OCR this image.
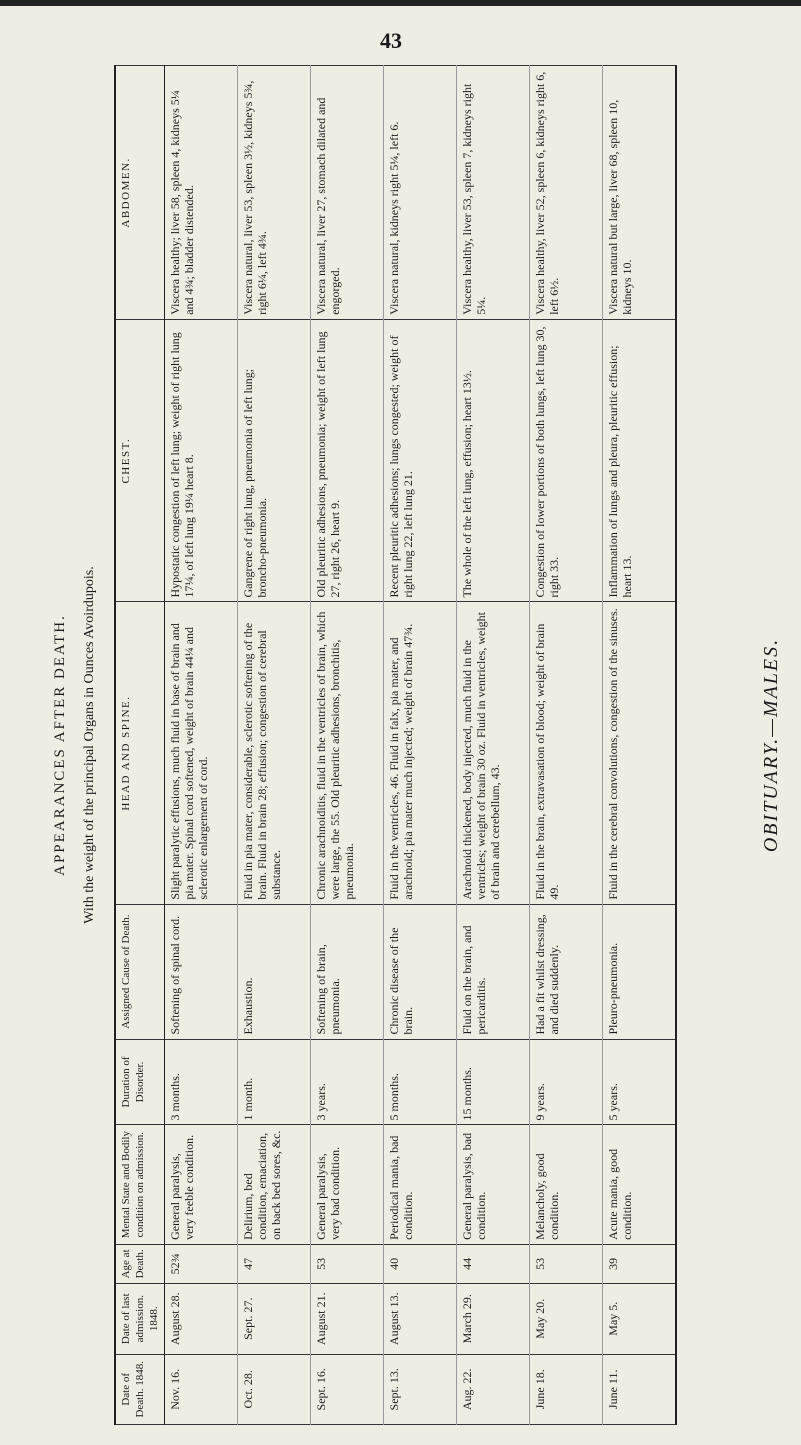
43
APPEARANCES AFTER DEATH. With the weight of the principal Organs in Ounces Avoirdupois.
Date of Death. 1848.	Date of last admission. 1848.	Age at Death.	Mental State and Bodily condition on admission.	Duration of Disorder.	Assigned Cause of Death.	HEAD AND SPINE.	CHEST.	ABDOMEN.
Nov. 16.	August 28.	52¾	General paralysis, very feeble condition.	3 months.	Softening of spinal cord.	Slight paralytic effusions, much fluid in base of brain and pia mater. Spinal cord softened, weight of brain 44¼ and sclerotic enlargement of cord.	Hypostatic congestion of left lung; weight of right lung 17¼, of left lung 19¼ heart 8.	Viscera healthy; liver 58, spleen 4, kidneys 5¼ and 4¾; bladder distended.
Oct. 28.	Sept. 27.	47	Delirium, bed condition, emaciation, on back bed sores, &c.	1 month.	Exhaustion.	Fluid in pia mater, considerable, sclerotic softening of the brain. Fluid in brain 28; effusion; congestion of cerebral substance.	Gangrene of right lung, pneumonia of left lung; broncho-pneumonia.	Viscera natural, liver 53, spleen 3½, kidneys 5¾, right 6¼, left 4¾.
Sept. 16.	August 21.	53	General paralysis, very bad condition.	3 years.	Softening of brain, pneumonia.	Chronic arachnoiditis, fluid in the ventricles of brain, which were large, the 55. Old pleuritic adhesions, bronchitis, pneumonia.	Old pleuritic adhesions, pneumonia; weight of left lung 27, right 26, heart 9.	Viscera natural, liver 27, stomach dilated and engorged.
Sept. 13.	August 13.	40	Periodical mania, bad condition.	5 months.	Chronic disease of the brain.	Fluid in the ventricles, 46. Fluid in falx, pia mater, and arachnoid; pia mater much injected; weight of brain 47¾.	Recent pleuritic adhesions; lungs congested; weight of right lung 22, left lung 21.	Viscera natural, kidneys right 5¼, left 6.
Aug. 22.	March 29.	44	General paralysis, bad condition.	15 months.	Fluid on the brain, and pericarditis.	Arachnoid thickened, body injected, much fluid in the ventricles; weight of brain 30 oz. Fluid in ventricles, weight of brain and cerebellum, 43.	The whole of the left lung, effusion; heart 13½.	Viscera healthy, liver 53, spleen 7, kidneys right 5¼.
June 18.	May 20.	53	Melancholy, good condition.	9 years.	Had a fit whilst dressing, and died suddenly.	Fluid in the brain, extravasation of blood; weight of brain 49.	Congestion of lower portions of both lungs, left lung 30, right 33.	Viscera healthy, liver 52, spleen 6, kidneys right 6, left 6½.
June 11.	May 5.	39	Acute mania, good condition.	5 years.	Pleuro-pneumonia.	Fluid in the cerebral convolutions, congestion of the sinuses.	Inflammation of lungs and pleura, pleuritic effusion; heart 13.	Viscera natural but large, liver 68, spleen 10, kidneys 10.
OBITUARY.—MALES.
